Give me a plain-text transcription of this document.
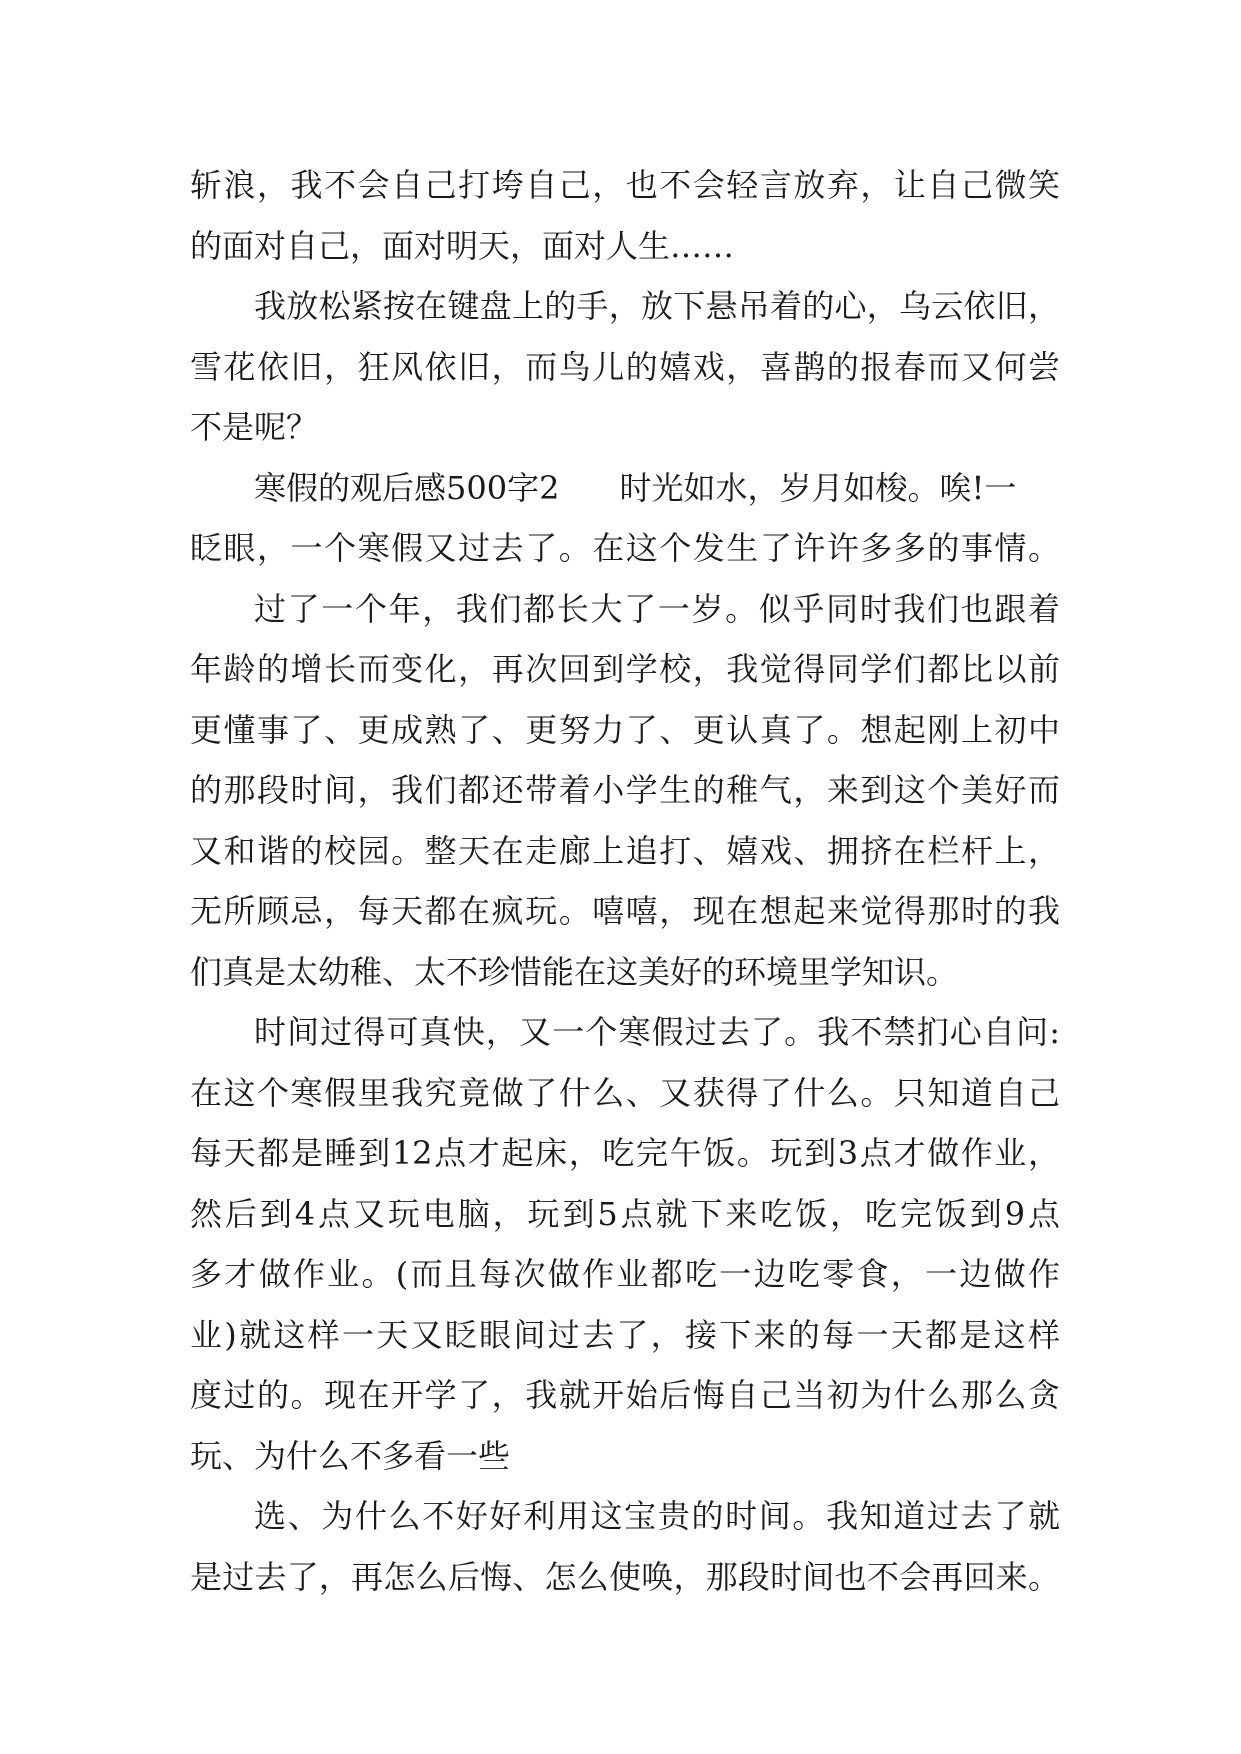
斩浪，我不会自己打垮自己，也不会轻言放弃，让自己微笑
的面对自己，面对明天，面对人生……
我放松紧按在键盘上的手，放下悬吊着的心，乌云依旧，
雪花依旧，狂风依旧，而鸟儿的嬉戏，喜鹊的报春而又何尝
不是呢？
寒假的观后感500字2 时光如水，岁月如梭。唉!一
眨眼，一个寒假又过去了。在这个发生了许许多多的事情。
过了一个年，我们都长大了一岁。似乎同时我们也跟着
年龄的增长而变化，再次回到学校，我觉得同学们都比以前
更懂事了、更成熟了、更努力了、更认真了。想起刚上初中
的那段时间，我们都还带着小学生的稚气，来到这个美好而
又和谐的校园。整天在走廊上追打、嬉戏、拥挤在栏杆上，
无所顾忌，每天都在疯玩。嘻嘻，现在想起来觉得那时的我
们真是太幼稚、太不珍惜能在这美好的环境里学知识。
时间过得可真快，又一个寒假过去了。我不禁扪心自问:
在这个寒假里我究竟做了什么、又获得了什么。只知道自己
每天都是睡到12点才起床，吃完午饭。玩到3点才做作业，
然后到4点又玩电脑，玩到5点就下来吃饭，吃完饭到9点
多才做作业。(而且每次做作业都吃一边吃零食，一边做作
业)就这样一天又眨眼间过去了，接下来的每一天都是这样
度过的。现在开学了，我就开始后悔自己当初为什么那么贪
玩、为什么不多看一些
选、为什么不好好利用这宝贵的时间。我知道过去了就
是过去了，再怎么后悔、怎么使唤，那段时间也不会再回来。
